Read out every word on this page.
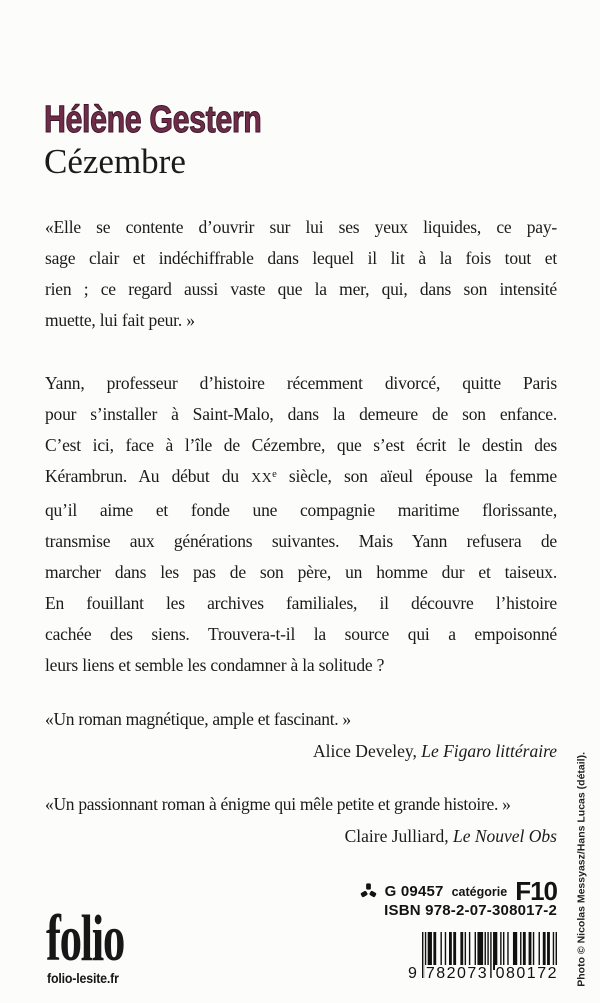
Hélène Gestern
Cézembre
«Elle se contente d’ouvrir sur lui ses yeux liquides, ce pay-
sage clair et indéchiffrable dans lequel il lit à la fois tout et
rien ; ce regard aussi vaste que la mer, qui, dans son intensité
muette, lui fait peur. »
Yann, professeur d’histoire récemment divorcé, quitte Paris
pour s’installer à Saint-Malo, dans la demeure de son enfance.
C’est ici, face à l’île de Cézembre, que s’est écrit le destin des
Kérambrun. Au début du XXe siècle, son aïeul épouse la femme
qu’il aime et fonde une compagnie maritime florissante,
transmise aux générations suivantes. Mais Yann refusera de
marcher dans les pas de son père, un homme dur et taiseux.
En fouillant les archives familiales, il découvre l’histoire
cachée des siens. Trouvera-t-il la source qui a empoisonné
leurs liens et semble les condamner à la solitude ?
«Un roman magnétique, ample et fascinant. »
Alice Develey, Le Figaro littéraire
«Un passionnant roman à énigme qui mêle petite et grande histoire. »
Claire Julliard, Le Nouvel Obs
folio
folio-lesite.fr
G 09457 catégorie F10
ISBN 978-2-07-308017-2
9 782073 080172 Photo © Nicolas Messyasz/Hans Lucas (détail).
